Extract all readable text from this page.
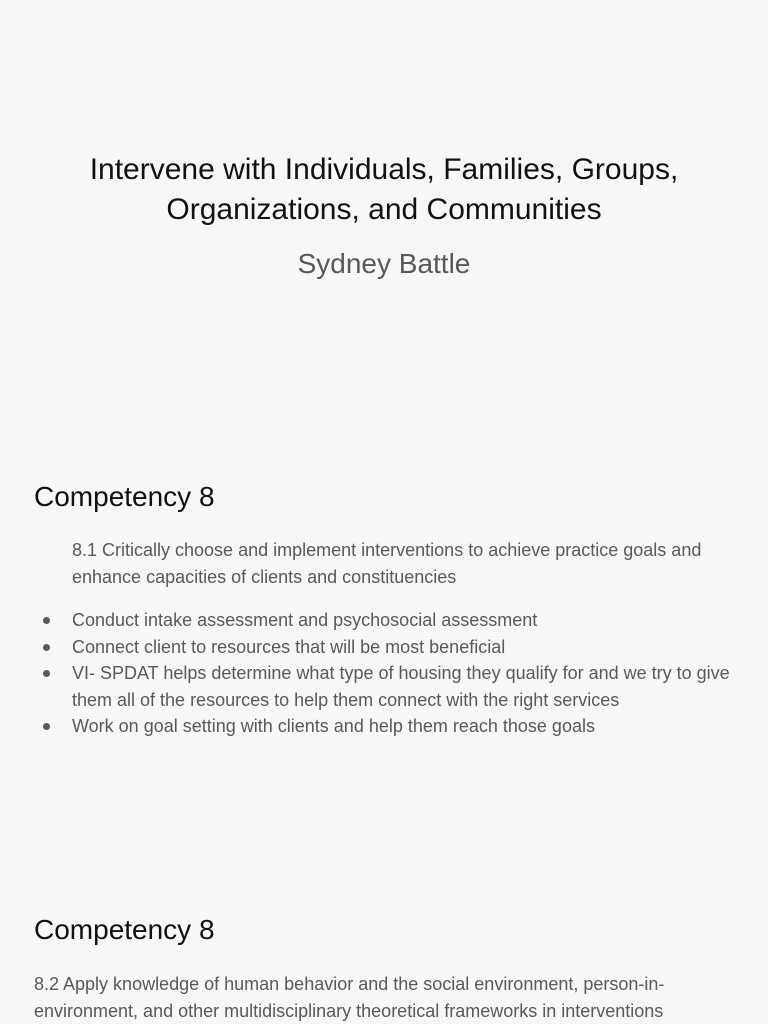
Intervene with Individuals, Families, Groups, Organizations, and Communities
Sydney Battle
Competency 8
8.1 Critically choose and implement interventions to achieve practice goals and enhance capacities of clients and constituencies
Conduct intake assessment and psychosocial assessment
Connect client to resources that will be most beneficial
VI- SPDAT helps determine what type of housing they qualify for and we try to give them all of the resources to help them connect with the right services
Work on goal setting with clients and help them reach those goals
Competency 8
8.2 Apply knowledge of human behavior and the social environment, person-in-environment, and other multidisciplinary theoretical frameworks in interventions
